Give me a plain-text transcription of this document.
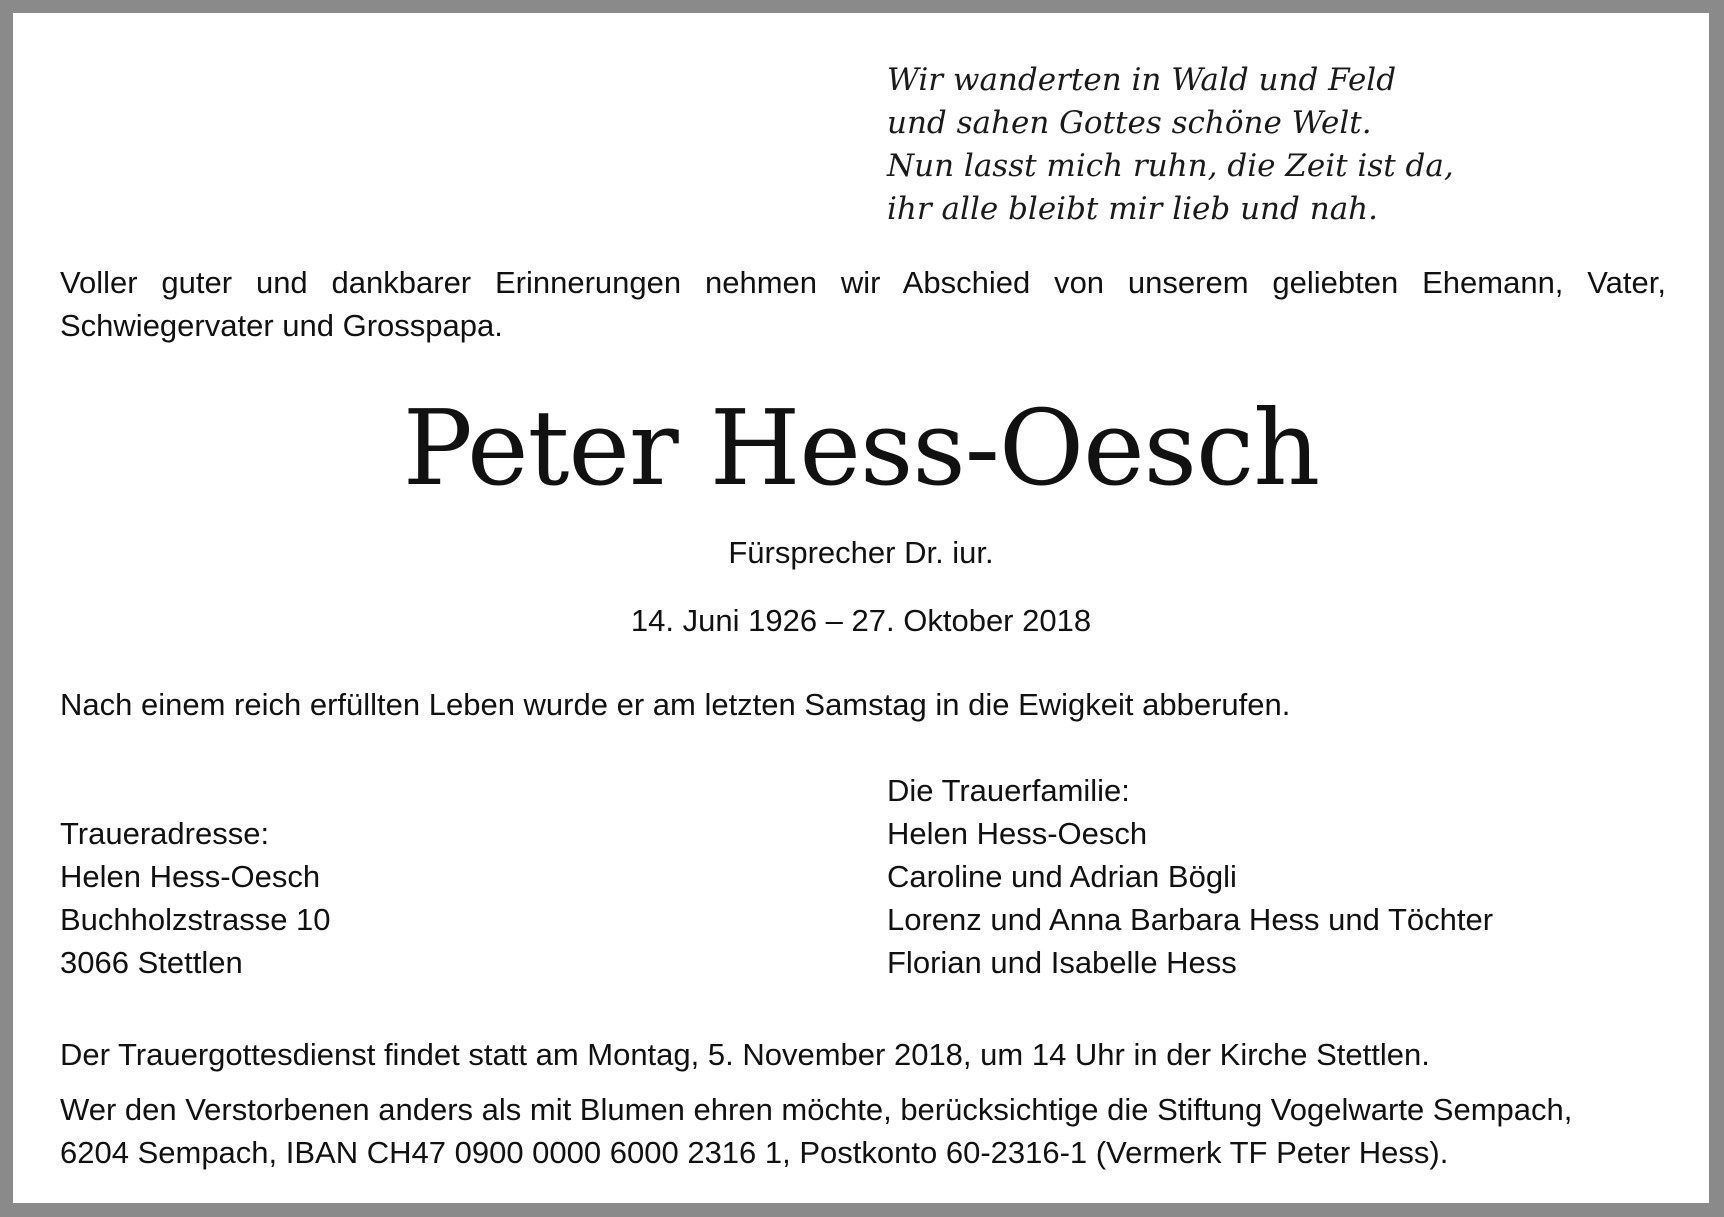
Wir wanderten in Wald und Feld
und sahen Gottes schöne Welt.
Nun lasst mich ruhn, die Zeit ist da,
ihr alle bleibt mir lieb und nah.
Voller guter und dankbarer Erinnerungen nehmen wir Abschied von unserem geliebten Ehemann, Vater, Schwiegervater und Grosspapa.
Peter Hess-Oesch
Fürsprecher Dr. iur.
14. Juni 1926 – 27. Oktober 2018
Nach einem reich erfüllten Leben wurde er am letzten Samstag in die Ewigkeit abberufen.
Traueradresse:
Helen Hess-Oesch
Buchholzstrasse 10
3066 Stettlen
Die Trauerfamilie:
Helen Hess-Oesch
Caroline und Adrian Bögli
Lorenz und Anna Barbara Hess und Töchter
Florian und Isabelle Hess
Der Trauergottesdienst findet statt am Montag, 5. November 2018, um 14 Uhr in der Kirche Stettlen.
Wer den Verstorbenen anders als mit Blumen ehren möchte, berücksichtige die Stiftung Vogelwarte Sempach,
6204 Sempach, IBAN CH47 0900 0000 6000 2316 1, Postkonto 60-2316-1 (Vermerk TF Peter Hess).
